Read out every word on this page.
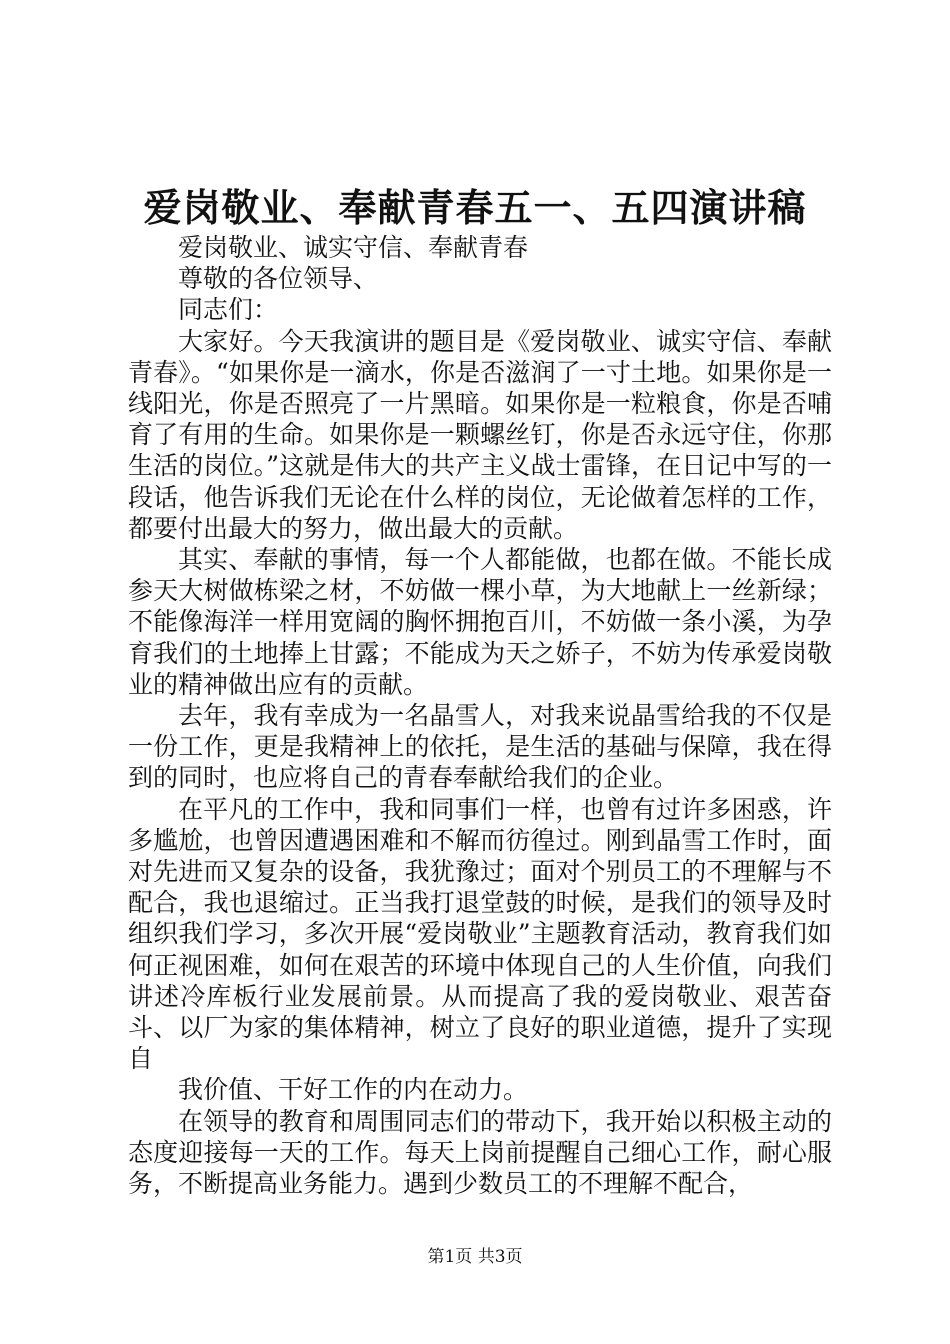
爱岗敬业、奉献青春五一、五四演讲稿

爱岗敬业、诚实守信、奉献青春

尊敬的各位领导、

同志们：

大家好。今天我演讲的题目是《爱岗敬业、诚实守信、奉献青春》。“如果你是一滴水，你是否滋润了一寸土地。如果你是一线阳光，你是否照亮了一片黑暗。如果你是一粒粮食，你是否哺育了有用的生命。如果你是一颗螺丝钉，你是否永远守住，你那生活的岗位。”这就是伟大的共产主义战士雷锋，在日记中写的一段话，他告诉我们无论在什么样的岗位，无论做着怎样的工作，都要付出最大的努力，做出最大的贡献。

其实、奉献的事情，每一个人都能做，也都在做。不能长成参天大树做栋梁之材，不妨做一棵小草，为大地献上一丝新绿；不能像海洋一样用宽阔的胸怀拥抱百川，不妨做一条小溪，为孕育我们的土地捧上甘露；不能成为天之娇子，不妨为传承爱岗敬业的精神做出应有的贡献。

去年，我有幸成为一名晶雪人，对我来说晶雪给我的不仅是一份工作，更是我精神上的依托，是生活的基础与保障，我在得到的同时，也应将自己的青春奉献给我们的企业。

在平凡的工作中，我和同事们一样，也曾有过许多困惑，许多尴尬，也曾因遭遇困难和不解而彷徨过。刚到晶雪工作时，面对先进而又复杂的设备，我犹豫过；面对个别员工的不理解与不配合，我也退缩过。正当我打退堂鼓的时候，是我们的领导及时组织我们学习，多次开展“爱岗敬业”主题教育活动，教育我们如何正视困难，如何在艰苦的环境中体现自己的人生价值，向我们讲述冷库板行业发展前景。从而提高了我的爱岗敬业、艰苦奋斗、以厂为家的集体精神，树立了良好的职业道德，提升了实现自

我价值、干好工作的内在动力。

在领导的教育和周围同志们的带动下，我开始以积极主动的态度迎接每一天的工作。每天上岗前提醒自己细心工作，耐心服务，不断提高业务能力。遇到少数员工的不理解不配合，

第1页 共3页
